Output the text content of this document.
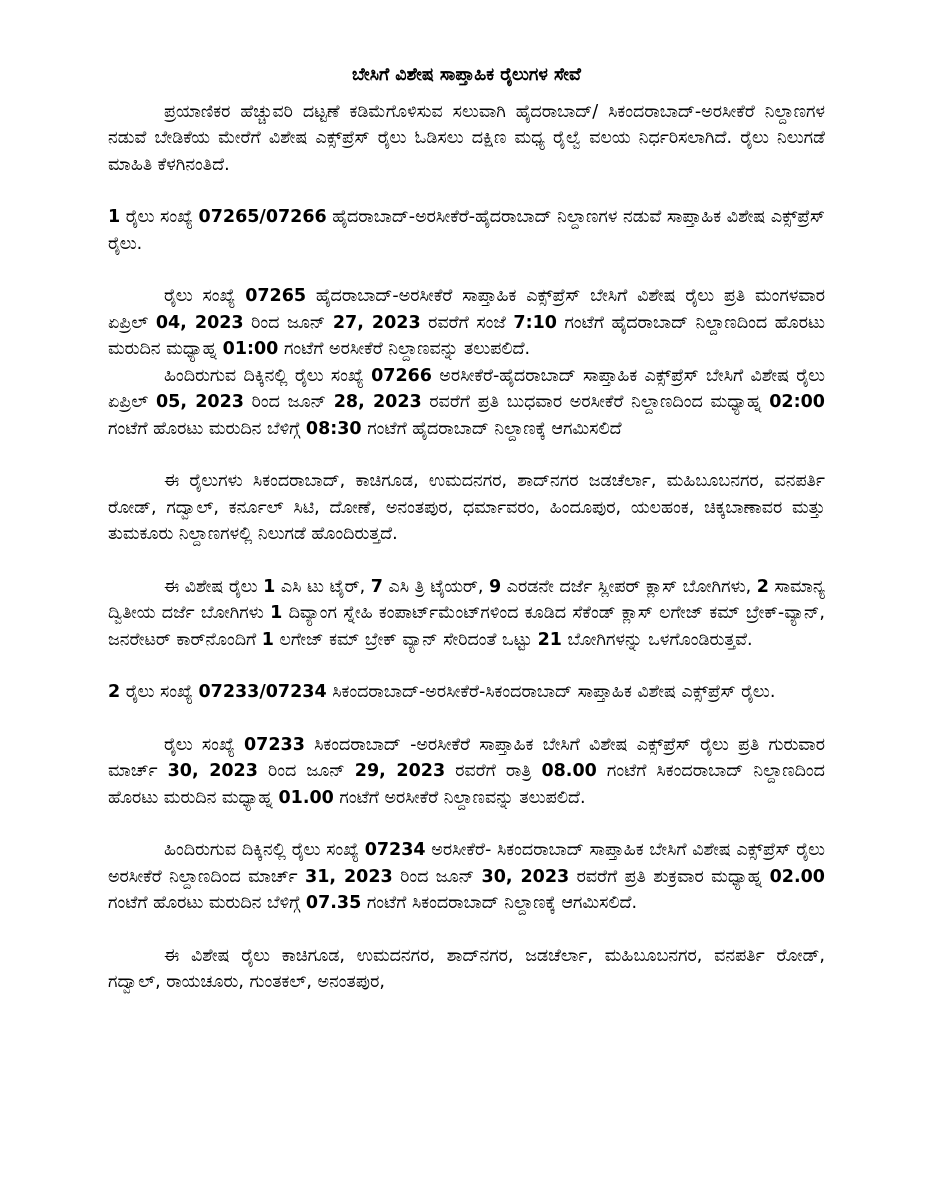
ಬೇಸಿಗೆ ವಿಶೇಷ ಸಾಪ್ತಾಹಿಕ ರೈಲುಗಳ ಸೇವೆ

ಪ್ರಯಾಣಿಕರ ಹೆಚ್ಚುವರಿ ದಟ್ಟಣೆ ಕಡಿಮೆಗೊಳಿಸುವ ಸಲುವಾಗಿ ಹೈದರಾಬಾದ್/ ಸಿಕಂದರಾಬಾದ್-ಅರಸೀಕೆರೆ ನಿಲ್ದಾಣಗಳ ನಡುವೆ ಬೇಡಿಕೆಯ ಮೇರೆಗೆ ವಿಶೇಷ ಎಕ್ಸ್‌ಪ್ರೆಸ್ ರೈಲು ಓಡಿಸಲು ದಕ್ಷಿಣ ಮಧ್ಯ ರೈಲ್ವೆ ವಲಯ ನಿರ್ಧರಿಸಲಾಗಿದೆ. ರೈಲು ನಿಲುಗಡೆ ಮಾಹಿತಿ ಕೆಳಗಿನಂತಿದೆ.

1 ರೈಲು ಸಂಖ್ಯೆ 07265/07266 ಹೈದರಾಬಾದ್-ಅರಸೀಕೆರೆ-ಹೈದರಾಬಾದ್ ನಿಲ್ದಾಣಗಳ ನಡುವೆ ಸಾಪ್ತಾಹಿಕ ವಿಶೇಷ ಎಕ್ಸ್‌ಪ್ರೆಸ್ ರೈಲು.

ರೈಲು ಸಂಖ್ಯೆ 07265 ಹೈದರಾಬಾದ್-ಅರಸೀಕೆರೆ ಸಾಪ್ತಾಹಿಕ ಎಕ್ಸ್‌ಪ್ರೆಸ್ ಬೇಸಿಗೆ ವಿಶೇಷ ರೈಲು ಪ್ರತಿ ಮಂಗಳವಾರ ಏಪ್ರಿಲ್ 04, 2023 ರಿಂದ ಜೂನ್ 27, 2023 ರವರೆಗೆ ಸಂಜೆ 7:10 ಗಂಟೆಗೆ ಹೈದರಾಬಾದ್ ನಿಲ್ದಾಣದಿಂದ ಹೊರಟು ಮರುದಿನ ಮಧ್ಯಾಹ್ನ 01:00 ಗಂಟೆಗೆ ಅರಸೀಕೆರೆ ನಿಲ್ದಾಣವನ್ನು ತಲುಪಲಿದೆ.

ಹಿಂದಿರುಗುವ ದಿಕ್ಕಿನಲ್ಲಿ ರೈಲು ಸಂಖ್ಯೆ 07266 ಅರಸೀಕೆರೆ-ಹೈದರಾಬಾದ್ ಸಾಪ್ತಾಹಿಕ ಎಕ್ಸ್‌ಪ್ರೆಸ್ ಬೇಸಿಗೆ ವಿಶೇಷ ರೈಲು ಏಪ್ರಿಲ್ 05, 2023 ರಿಂದ ಜೂನ್ 28, 2023 ರವರೆಗೆ ಪ್ರತಿ ಬುಧವಾರ ಅರಸೀಕೆರೆ ನಿಲ್ದಾಣದಿಂದ ಮಧ್ಯಾಹ್ನ 02:00 ಗಂಟೆಗೆ ಹೊರಟು ಮರುದಿನ ಬೆಳಿಗ್ಗೆ 08:30 ಗಂಟೆಗೆ ಹೈದರಾಬಾದ್ ನಿಲ್ದಾಣಕ್ಕೆ ಆಗಮಿಸಲಿದೆ

ಈ ರೈಲುಗಳು ಸಿಕಂದರಾಬಾದ್, ಕಾಚಿಗೂಡ, ಉಮದನಗರ, ಶಾದ್‌ನಗರ ಜಡಚೆರ್ಲಾ, ಮಹಿಬೂಬನಗರ, ವನಪರ್ತಿ ರೋಡ್, ಗದ್ವಾಲ್, ಕರ್ನೂಲ್ ಸಿಟಿ, ದೋಣೆ, ಅನಂತಪುರ, ಧರ್ಮಾವರಂ, ಹಿಂದೂಪುರ, ಯಲಹಂಕ, ಚಿಕ್ಕಬಾಣಾವರ ಮತ್ತು ತುಮಕೂರು ನಿಲ್ದಾಣಗಳಲ್ಲಿ ನಿಲುಗಡೆ ಹೊಂದಿರುತ್ತದೆ.

ಈ ವಿಶೇಷ ರೈಲು 1 ಎಸಿ ಟು ಟೈರ್, 7 ಎಸಿ ತ್ರಿ ಟೈಯರ್, 9 ಎರಡನೇ ದರ್ಜೆ ಸ್ಲೀಪರ್ ಕ್ಲಾಸ್ ಬೋಗಿಗಳು, 2 ಸಾಮಾನ್ಯ ದ್ವಿತೀಯ ದರ್ಜೆ ಬೋಗಿಗಳು 1 ದಿವ್ಯಾಂಗ ಸ್ನೇಹಿ ಕಂಪಾರ್ಟ್‌ಮೆಂಟ್‌ಗಳಿಂದ ಕೂಡಿದ ಸೆಕೆಂಡ್ ಕ್ಲಾಸ್ ಲಗೇಜ್ ಕಮ್ ಬ್ರೇಕ್-ವ್ಯಾನ್, ಜನರೇಟರ್ ಕಾರ್‌ನೊಂದಿಗೆ 1 ಲಗೇಜ್ ಕಮ್ ಬ್ರೇಕ್ ವ್ಯಾನ್ ಸೇರಿದಂತೆ ಒಟ್ಟು 21 ಬೋಗಿಗಳನ್ನು ಒಳಗೊಂಡಿರುತ್ತವೆ.

2 ರೈಲು ಸಂಖ್ಯೆ 07233/07234 ಸಿಕಂದರಾಬಾದ್-ಅರಸೀಕೆರೆ-ಸಿಕಂದರಾಬಾದ್ ಸಾಪ್ತಾಹಿಕ ವಿಶೇಷ ಎಕ್ಸ್‌ಪ್ರೆಸ್ ರೈಲು.

ರೈಲು ಸಂಖ್ಯೆ 07233 ಸಿಕಂದರಾಬಾದ್ -ಅರಸೀಕೆರೆ ಸಾಪ್ತಾಹಿಕ ಬೇಸಿಗೆ ವಿಶೇಷ ಎಕ್ಸ್‌ಪ್ರೆಸ್ ರೈಲು ಪ್ರತಿ ಗುರುವಾರ ಮಾರ್ಚ್ 30, 2023 ರಿಂದ ಜೂನ್ 29, 2023 ರವರೆಗೆ ರಾತ್ರಿ 08.00 ಗಂಟೆಗೆ ಸಿಕಂದರಾಬಾದ್ ನಿಲ್ದಾಣದಿಂದ ಹೊರಟು ಮರುದಿನ ಮಧ್ಯಾಹ್ನ 01.00 ಗಂಟೆಗೆ ಅರಸೀಕೆರೆ ನಿಲ್ದಾಣವನ್ನು ತಲುಪಲಿದೆ.

ಹಿಂದಿರುಗುವ ದಿಕ್ಕಿನಲ್ಲಿ ರೈಲು ಸಂಖ್ಯೆ 07234 ಅರಸೀಕೆರೆ- ಸಿಕಂದರಾಬಾದ್ ಸಾಪ್ತಾಹಿಕ ಬೇಸಿಗೆ ವಿಶೇಷ ಎಕ್ಸ್‌ಪ್ರೆಸ್ ರೈಲು ಅರಸೀಕೆರೆ ನಿಲ್ದಾಣದಿಂದ ಮಾರ್ಚ್ 31, 2023 ರಿಂದ ಜೂನ್ 30, 2023 ರವರೆಗೆ ಪ್ರತಿ ಶುಕ್ರವಾರ ಮಧ್ಯಾಹ್ನ 02.00 ಗಂಟೆಗೆ ಹೊರಟು ಮರುದಿನ ಬೆಳಿಗ್ಗೆ 07.35 ಗಂಟೆಗೆ ಸಿಕಂದರಾಬಾದ್ ನಿಲ್ದಾಣಕ್ಕೆ ಆಗಮಿಸಲಿದೆ.

ಈ ವಿಶೇಷ ರೈಲು ಕಾಚಿಗೂಡ, ಉಮದನಗರ, ಶಾದ್‌ನಗರ, ಜಡಚೆರ್ಲಾ, ಮಹಿಬೂಬನಗರ, ವನಪರ್ತಿ ರೋಡ್, ಗದ್ವಾಲ್, ರಾಯಚೂರು, ಗುಂತಕಲ್, ಅನಂತಪುರ,
